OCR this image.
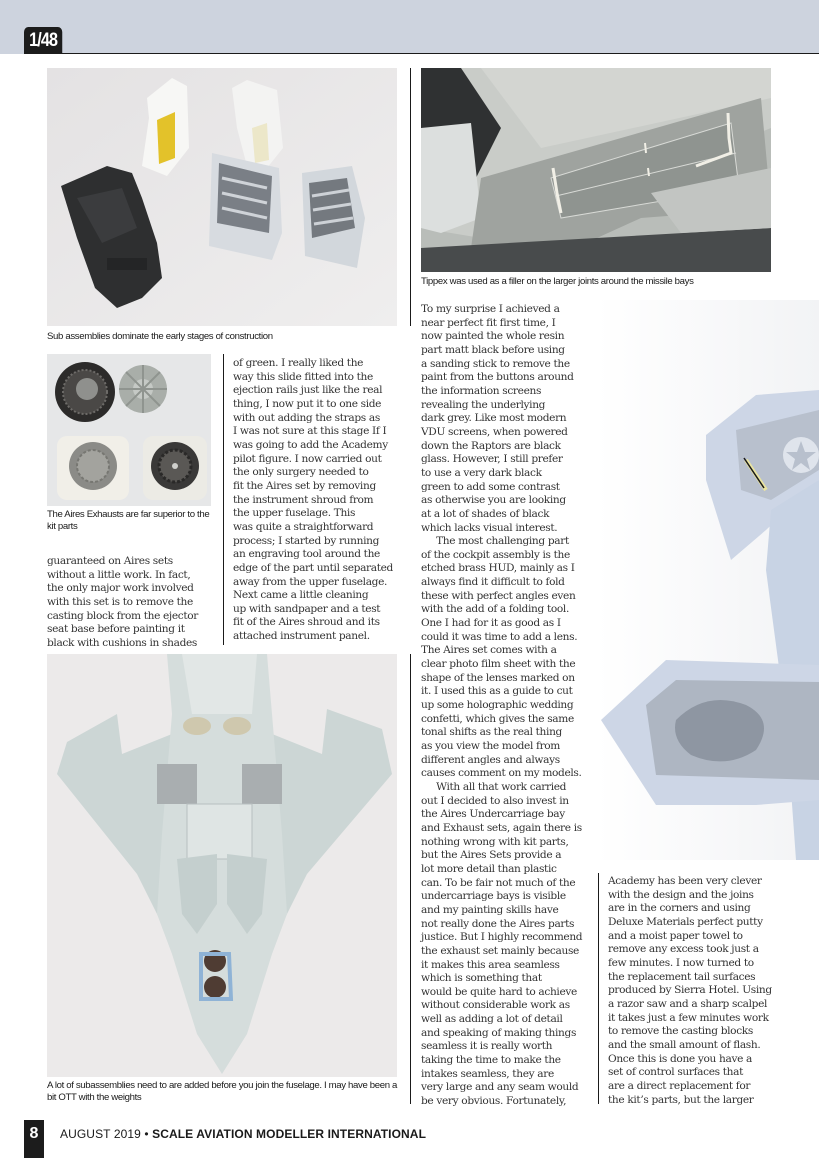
1/48
Sub assemblies dominate the early stages of construction
Tippex was used as a filler on the larger joints around the missile bays
The Aires Exhausts are far superior to the kit parts

guaranteed on Aires sets

without a little work. In fact,

the only major work involved

with this set is to remove the

casting block from the ejector

seat base before painting it

black with cushions in shades

of green. I really liked the

way this slide fitted into the

ejection rails just like the real

thing, I now put it to one side

with out adding the straps as

I was not sure at this stage If I

was going to add the Academy

pilot figure. I now carried out

the only surgery needed to

fit the Aires set by removing

the instrument shroud from

the upper fuselage. This

was quite a straightforward

process; I started by running

an engraving tool around the

edge of the part until separated

away from the upper fuselage.

Next came a little cleaning

up with sandpaper and a test

fit of the Aires shroud and its

attached instrument panel.

A lot of subassemblies need to are added before you join the fuselage. I may have been a bit OTT with the weights

To my surprise I achieved a

near perfect fit first time, I

now painted the whole resin

part matt black before using

a sanding stick to remove the

paint from the buttons around

the information screens

revealing the underlying

dark grey. Like most modern

VDU screens, when powered

down the Raptors are black

glass. However, I still prefer

to use a very dark black

green to add some contrast

as otherwise you are looking

at a lot of shades of black

which lacks visual interest.

The most challenging part

of the cockpit assembly is the

etched brass HUD, mainly as I

always find it difficult to fold

these with perfect angles even

with the add of a folding tool.

One I had for it as good as I

could it was time to add a lens.

The Aires set comes with a

clear photo film sheet with the

shape of the lenses marked on

it. I used this as a guide to cut

up some holographic wedding

confetti, which gives the same

tonal shifts as the real thing

as you view the model from

different angles and always

causes comment on my models.

With all that work carried

out I decided to also invest in

the Aires Undercarriage bay

and Exhaust sets, again there is

nothing wrong with kit parts,

but the Aires Sets provide a

lot more detail than plastic

can. To be fair not much of the

undercarriage bays is visible

and my painting skills have

not really done the Aires parts

justice. But I highly recommend

the exhaust set mainly because

it makes this area seamless

which is something that

would be quite hard to achieve

without considerable work as

well as adding a lot of detail

and speaking of making things

seamless it is really worth

taking the time to make the

intakes seamless, they are

very large and any seam would

be very obvious. Fortunately,

Academy has been very clever

with the design and the joins

are in the corners and using

Deluxe Materials perfect putty

and a moist paper towel to

remove any excess took just a

few minutes. I now turned to

the replacement tail surfaces

produced by Sierra Hotel. Using

a razor saw and a sharp scalpel

it takes just a few minutes work

to remove the casting blocks

and the small amount of flash.

Once this is done you have a

set of control surfaces that

are a direct replacement for

the kit’s parts, but the larger

8	AUGUST 2019 • SCALE AVIATION MODELLER INTERNATIONAL
